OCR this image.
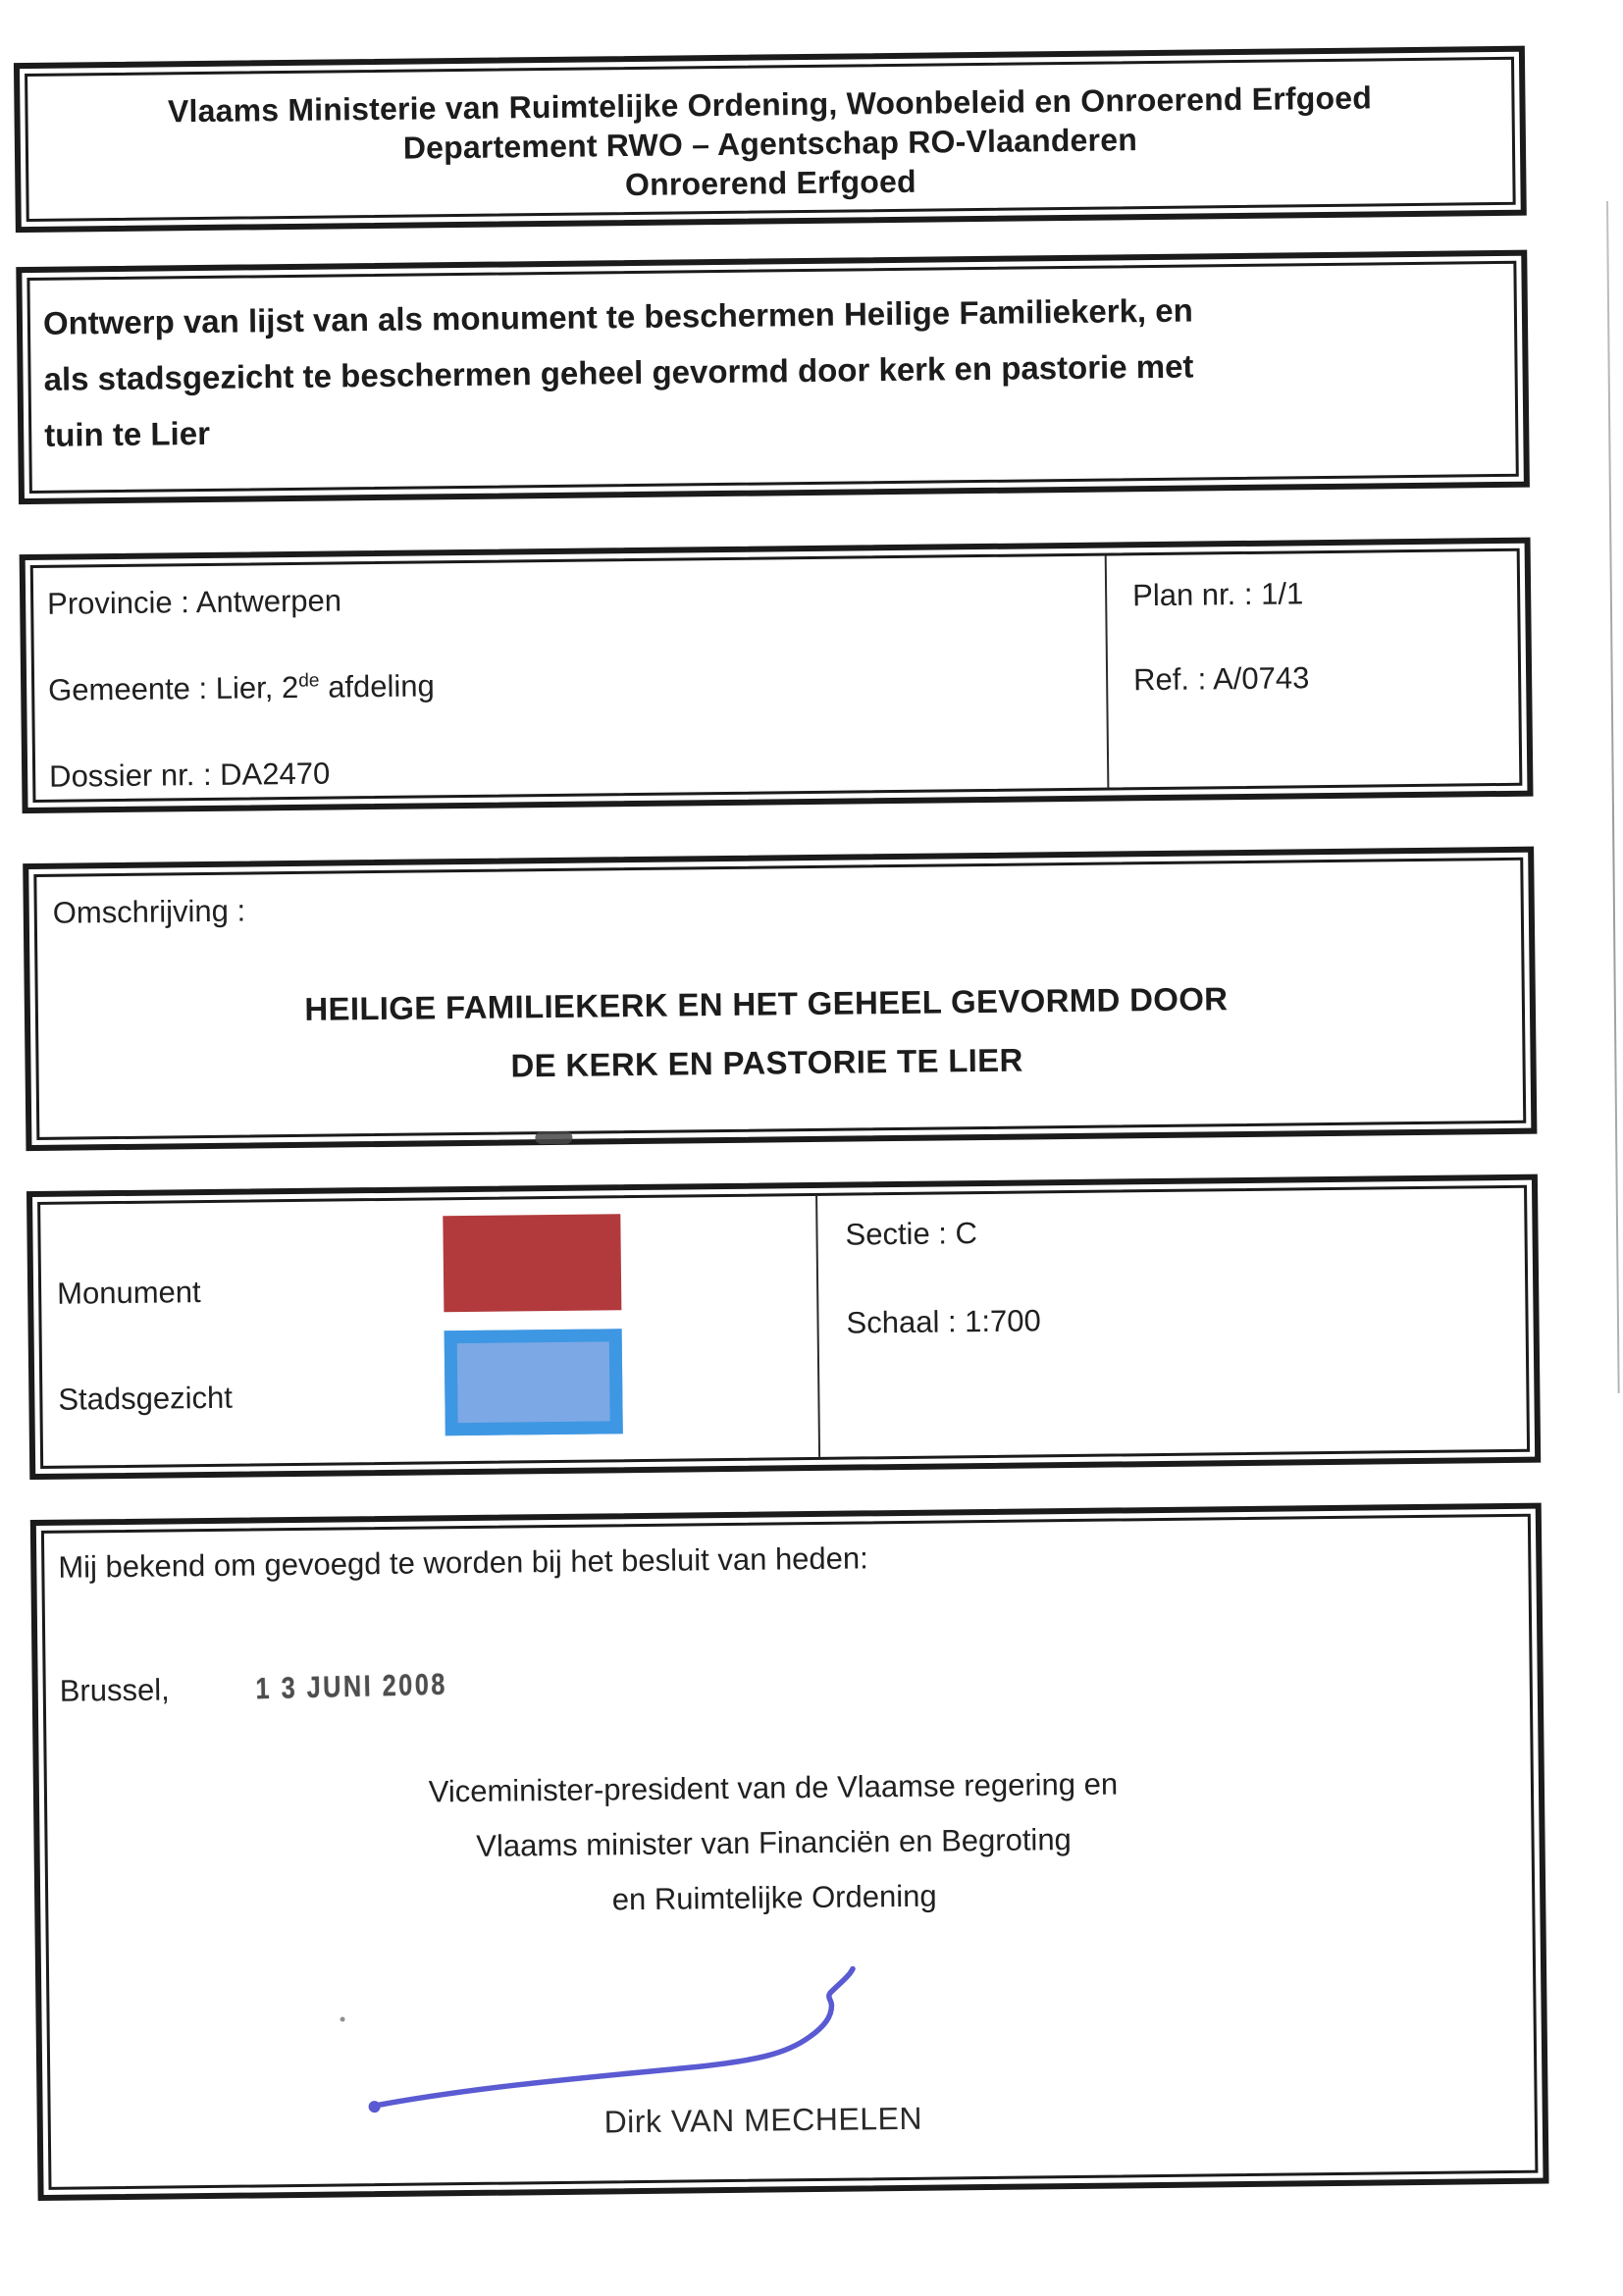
Vlaams Ministerie van Ruimtelijke Ordening, Woonbeleid en Onroerend Erfgoed

Departement RWO – Agentschap RO-Vlaanderen

Onroerend Erfgoed

Ontwerp van lijst van als monument te beschermen Heilige Familiekerk, en

als stadsgezicht te beschermen geheel gevormd door kerk en pastorie met

tuin te Lier

Provincie : Antwerpen

Gemeente : Lier, 2de afdeling

Dossier nr. : DA2470

Plan nr. : 1/1

Ref. : A/0743

Omschrijving :

HEILIGE FAMILIEKERK EN HET GEHEEL GEVORMD DOOR

DE KERK EN PASTORIE TE LIER

Monument

Stadsgezicht

Sectie : C

Schaal : 1:700

Mij bekend om gevoegd te worden bij het besluit van heden:

Brussel,	1 3 JUNI 2008

Viceminister-president van de Vlaamse regering en

Vlaams minister van Financiën en Begroting

en Ruimtelijke Ordening

Dirk VAN MECHELEN
